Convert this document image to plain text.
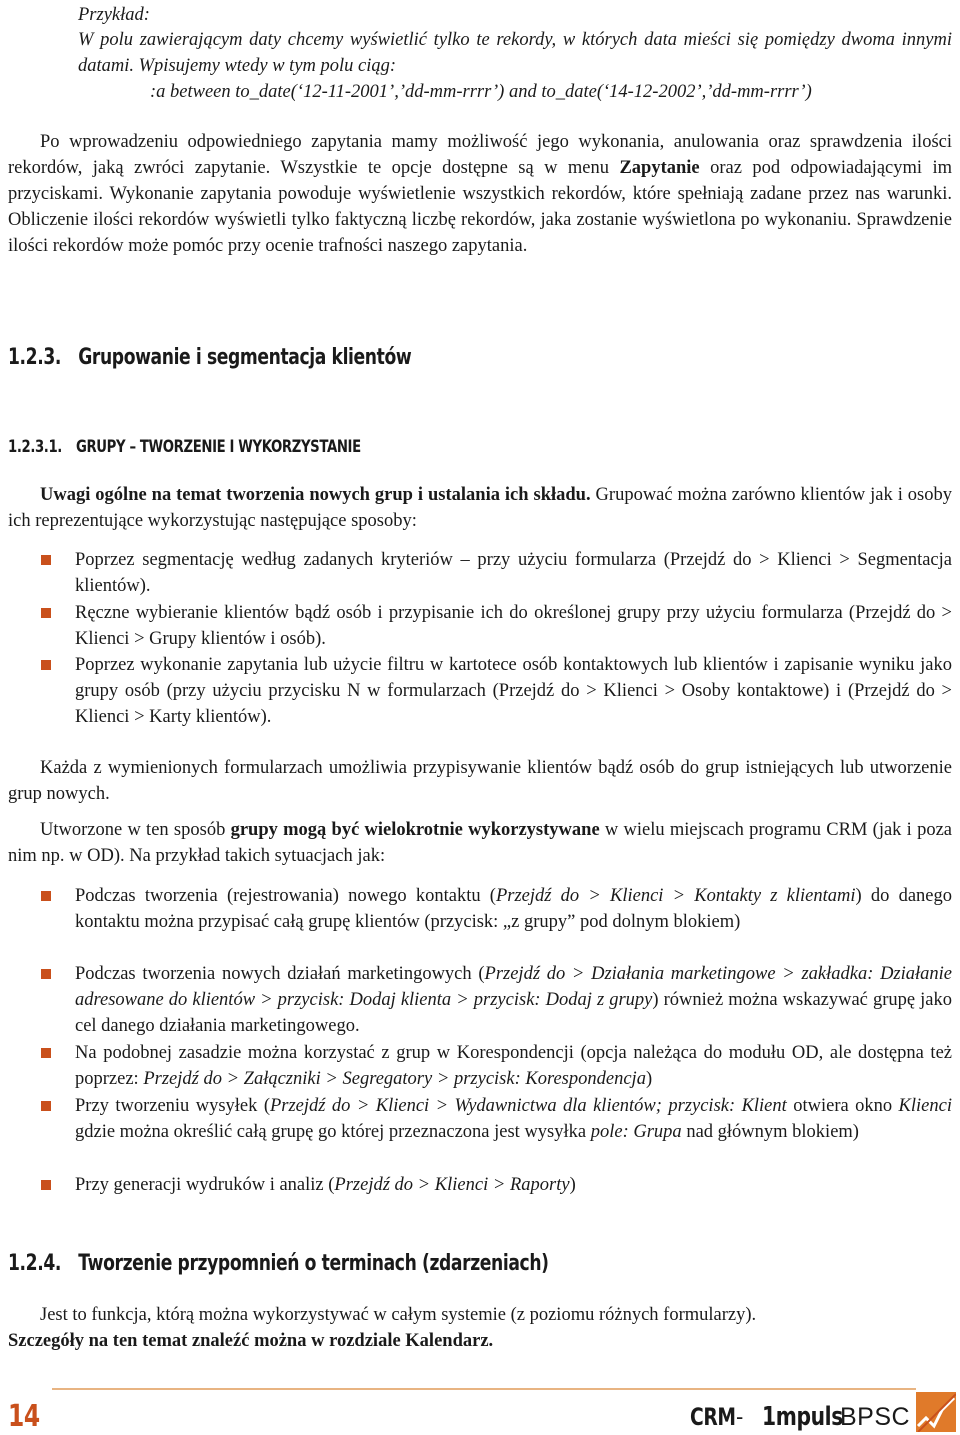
Przykład:
W polu zawierającym daty chcemy wyświetlić tylko te rekordy, w których data mieści się pomiędzy dwoma innymi datami. Wpisujemy wtedy w tym polu ciąg:
:a between to_date(‘12-11-2001’,’dd-mm-rrrr’) and to_date(‘14-12-2002’,’dd-mm-rrrr’)
Po wprowadzeniu odpowiedniego zapytania mamy możliwość jego wykonania, anulowania oraz sprawdzenia ilości rekordów, jaką zwróci zapytanie. Wszystkie te opcje dostępne są w menu Zapytanie oraz pod odpowiadającymi im przyciskami. Wykonanie zapytania powoduje wyświetlenie wszystkich rekordów, które spełniają zadane przez nas warunki. Obliczenie ilości rekordów wyświetli tylko faktyczną liczbę rekordów, jaka zostanie wyświetlona po wykonaniu. Sprawdzenie ilości rekordów może pomóc przy ocenie trafności naszego zapytania.
1.2.3. Grupowanie i segmentacja klientów
1.2.3.1. GRUPY – TWORZENIE I WYKORZYSTANIE
Uwagi ogólne na temat tworzenia nowych grup i ustalania ich składu. Grupować można zarówno klientów jak i osoby ich reprezentujące wykorzystując następujące sposoby:
Poprzez segmentację według zadanych kryteriów – przy użyciu formularza (Przejdź do > Klienci > Segmentacja klientów).
Ręczne wybieranie klientów bądź osób i przypisanie ich do określonej grupy przy użyciu formularza (Przejdź do > Klienci > Grupy klientów i osób).
Poprzez wykonanie zapytania lub użycie filtru w kartotece osób kontaktowych lub klientów i zapisanie wyniku jako grupy osób (przy użyciu przycisku N w formularzach (Przejdź do > Klienci > Osoby kontaktowe) i (Przejdź do > Klienci > Karty klientów).
Każda z wymienionych formularzach umożliwia przypisywanie klientów bądź osób do grup istniejących lub utworzenie grup nowych.
Utworzone w ten sposób grupy mogą być wielokrotnie wykorzystywane w wielu miejscach programu CRM (jak i poza nim np. w OD). Na przykład takich sytuacjach jak:
Podczas tworzenia (rejestrowania) nowego kontaktu (Przejdź do > Klienci > Kontakty z klientami) do danego kontaktu można przypisać całą grupę klientów (przycisk: „z grupy” pod dolnym blokiem)
Podczas tworzenia nowych działań marketingowych (Przejdź do > Działania marketingowe > zakładka: Działanie adresowane do klientów > przycisk: Dodaj klienta > przycisk: Dodaj z grupy) również można wskazywać grupę jako cel danego działania marketingowego.
Na podobnej zasadzie można korzystać z grup w Korespondencji (opcja należąca do modułu OD, ale dostępna też poprzez: Przejdź do > Załączniki > Segregatory > przycisk: Korespondencja)
Przy tworzeniu wysyłek (Przejdź do > Klienci > Wydawnictwa dla klientów; przycisk: Klient otwiera okno Klienci gdzie można określić całą grupę go której przeznaczona jest wysyłka pole: Grupa nad głównym blokiem)
Przy generacji wydruków i analiz (Przejdź do > Klienci > Raporty)
1.2.4. Tworzenie przypomnień o terminach (zdarzeniach)
Jest to funkcja, którą można wykorzystywać w całym systemie (z poziomu różnych formularzy).
Szczegóły na ten temat znaleźć można w rozdziale Kalendarz.
14	CRM - 1mpuls
BPSC
